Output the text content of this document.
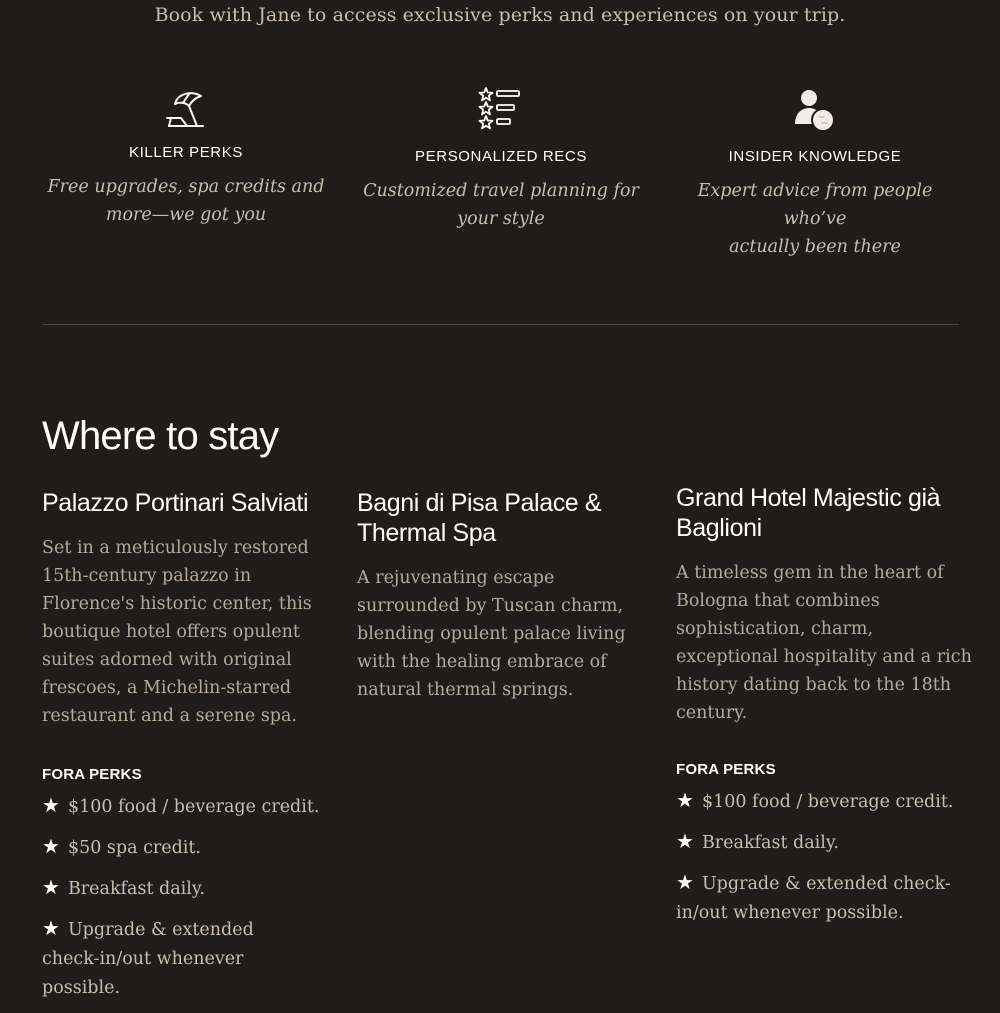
Book with Jane to access exclusive perks and experiences on your trip.
KILLER PERKS
Free upgrades, spa credits and
more—we got you
PERSONALIZED RECS
Customized travel planning for
your style
INSIDER KNOWLEDGE
Expert advice from people who’ve
actually been there
Where to stay
Palazzo Portinari Salviati
Set in a meticulously restored 15th-century palazzo in Florence's historic center, this boutique hotel offers opulent suites adorned with original frescoes, a Michelin-starred restaurant and a serene spa.
FORA PERKS
★ $100 food / beverage credit.
★ $50 spa credit.
★ Breakfast daily.
★ Upgrade & extended check-in/out whenever possible.
Bagni di Pisa Palace & Thermal Spa
A rejuvenating escape surrounded by Tuscan charm, blending opulent palace living with the healing embrace of natural thermal springs.
Grand Hotel Majestic già Baglioni
A timeless gem in the heart of Bologna that combines sophistication, charm, exceptional hospitality and a rich history dating back to the 18th century.
FORA PERKS
★ $100 food / beverage credit.
★ Breakfast daily.
★ Upgrade & extended check-in/out whenever possible.
